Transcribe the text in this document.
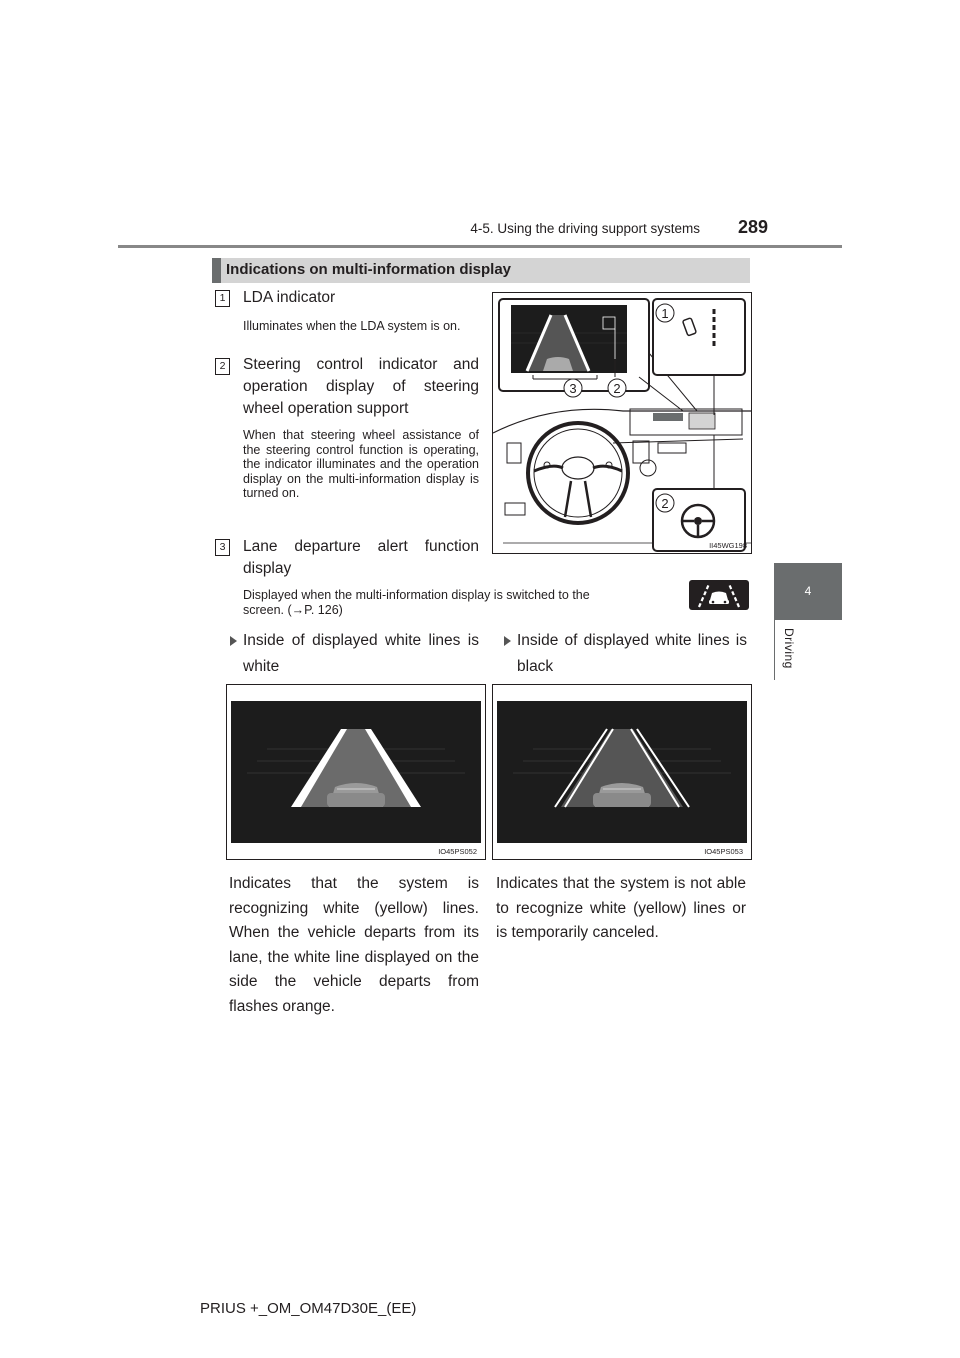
4-5. Using the driving support systems 289
4
Driving
Indications on multi-information display
1 LDA indicator
Illuminates when the LDA system is on.
2 Steering control indicator and operation display of steering wheel operation support
When that steering wheel assistance of the steering control function is operating, the indicator illuminates and the operation display on the multi-information display is turned on.
3 Lane departure alert function display
Displayed when the multi-information display is switched to the
screen. (→P. 126)
3	2
1
2
II45WG198
Inside of displayed white lines is white
Inside of displayed white lines is black
IO45PS052	IO45PS053
Indicates that the system is recognizing white (yellow) lines. When the vehicle departs from its lane, the white line displayed on the side the vehicle departs from flashes orange.
Indicates that the system is not able to recognize white (yellow) lines or is temporarily canceled.
PRIUS +_OM_OM47D30E_(EE)
